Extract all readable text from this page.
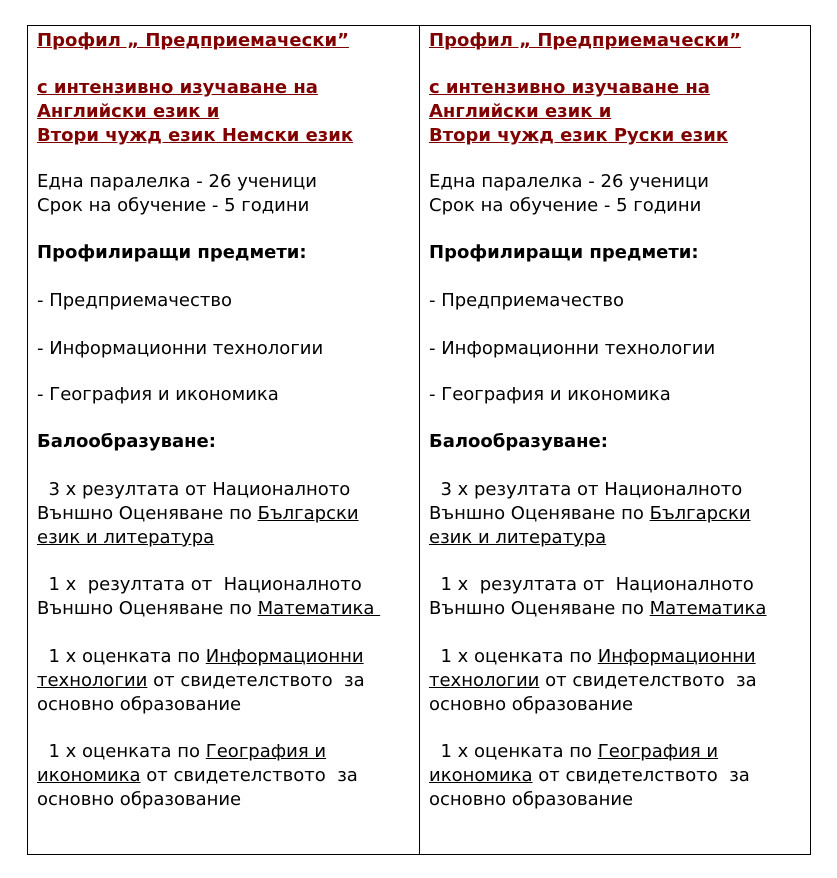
Профил „ Предприемачески”
с интензивно изучаване на
Английски език и
Втори чужд език Немски език
Една паралелка - 26 ученици
Срок на обучение - 5 години
Профилиращи предмети:
- Предприемачество
- Информационни технологии
- География и икономика
Балообразуване:
3 х резултата от Националното
Външно Оценяване по Български
език и литература
1 х  резултата от  Националното
Външно Оценяване по Математика
1 х оценката по Информационни
технологии от свидетелството  за
основно образование
1 х оценката по География и
икономика от свидетелството  за
основно образование
Профил „ Предприемачески”
с интензивно изучаване на
Английски език и
Втори чужд език Руски език
Една паралелка - 26 ученици
Срок на обучение - 5 години
Профилиращи предмети:
- Предприемачество
- Информационни технологии
- География и икономика
Балообразуване:
3 х резултата от Националното
Външно Оценяване по Български
език и литература
1 х  резултата от  Националното
Външно Оценяване по Математика
1 х оценката по Информационни
технологии от свидетелството  за
основно образование
1 х оценката по География и
икономика от свидетелството  за
основно образование
